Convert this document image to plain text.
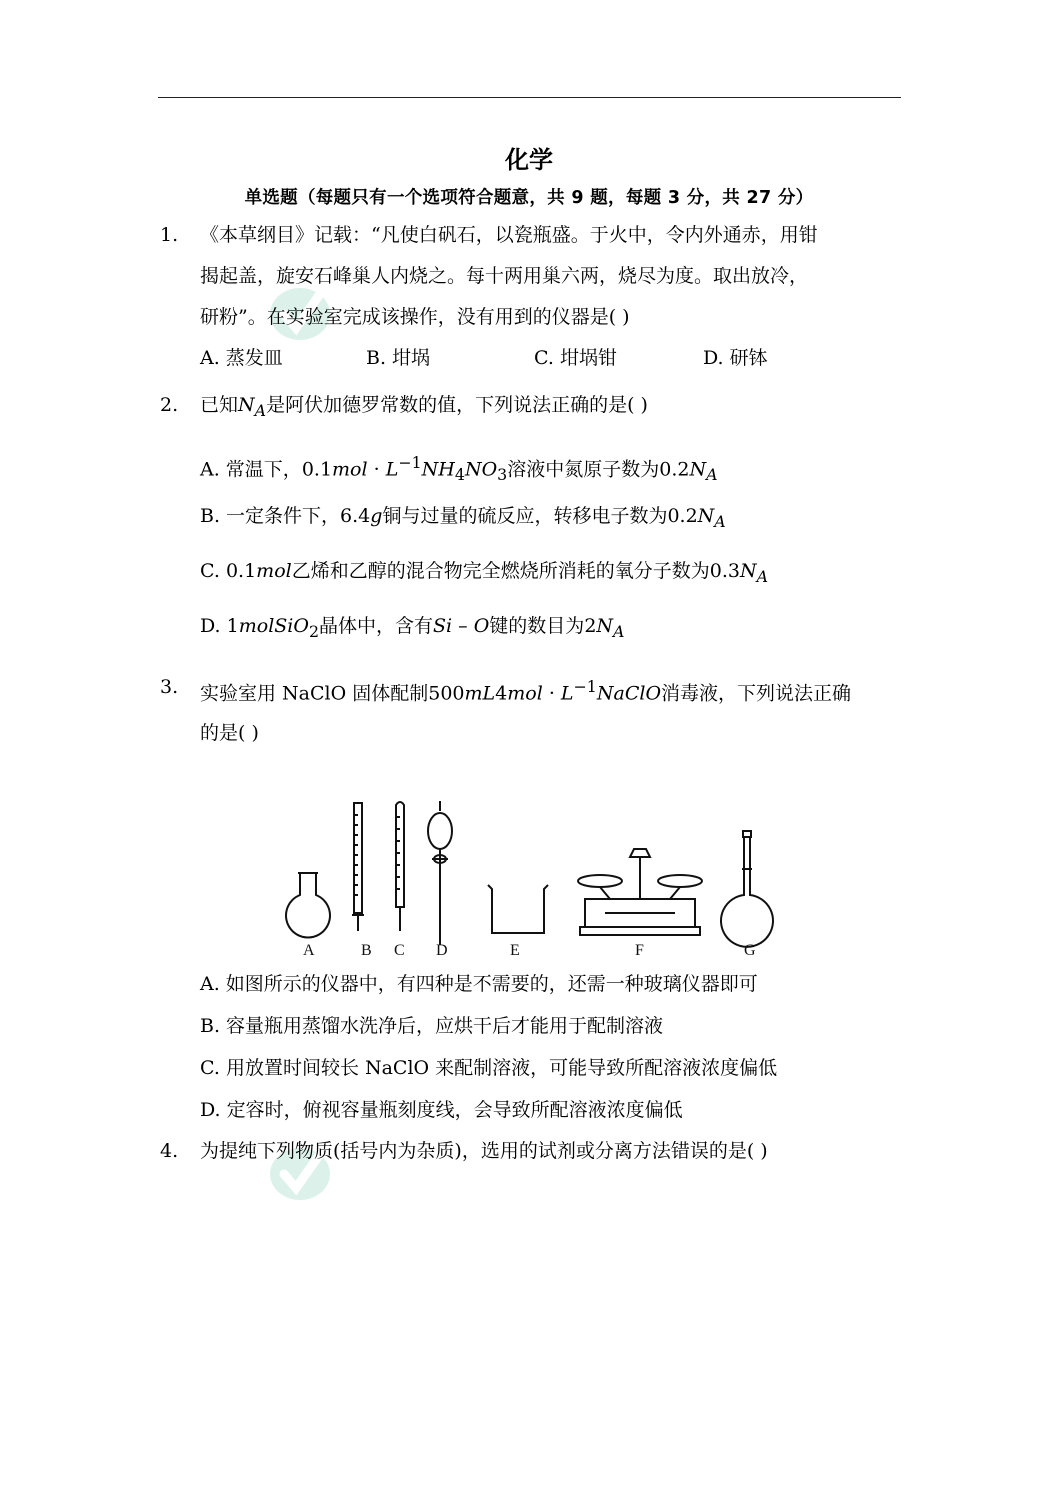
化学
单选题（每题只有一个选项符合题意，共 9 题，每题 3 分，共 27 分）
1. 《本草纲目》记载：“凡使白矾石，以瓷瓶盛。于火中，令内外通赤，用钳
揭起盖，旋安石峰巢人内烧之。每十两用巢六两，烧尽为度。取出放冷，
研粉”。在实验室完成该操作，没有用到的仪器是( )
A. 蒸发皿	B. 坩埚	C. 坩埚钳	D. 研钵
2. 已知$N_A$是阿伏加德罗常数的值，下列说法正确的是( )
A. 常温下，$0.1mol \cdot L^{-1}NH_4NO_3$溶液中氮原子数为$0.2N_A$
B. 一定条件下，6.4g铜与过量的硫反应，转移电子数为$0.2N_A$
C. 0.1mol乙烯和乙醇的混合物完全燃烧所消耗的氧分子数为$0.3N_A$
D. 1molSiO$_2$晶体中，含有Si – O键的数目为$2N_A$
3. 实验室用 NaClO 固体配制$500mL4mol \cdot L^{-1}NaClO$消毒液，下列说法正确
的是( )
A	B C D	E	F	G
A. 如图所示的仪器中，有四种是不需要的，还需一种玻璃仪器即可
B. 容量瓶用蒸馏水洗净后，应烘干后才能用于配制溶液
C. 用放置时间较长 NaClO 来配制溶液，可能导致所配溶液浓度偏低
D. 定容时，俯视容量瓶刻度线，会导致所配溶液浓度偏低
4. 为提纯下列物质(括号内为杂质)，选用的试剂或分离方法错误的是( )
